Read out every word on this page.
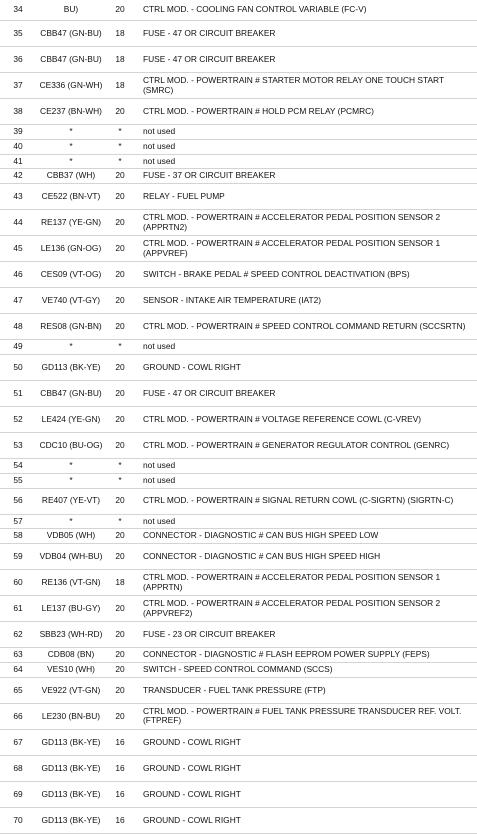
34	BU)	20	CTRL MOD. - COOLING FAN CONTROL VARIABLE (FC-V)
35	CBB47 (GN-BU)	18	FUSE - 47 OR CIRCUIT BREAKER
36	CBB47 (GN-BU)	18	FUSE - 47 OR CIRCUIT BREAKER
37	CE336 (GN-WH)	18	CTRL MOD. - POWERTRAIN # STARTER MOTOR RELAY ONE TOUCH START (SMRC)
38	CE237 (BN-WH)	20	CTRL MOD. - POWERTRAIN # HOLD PCM RELAY (PCMRC)
39	*	*	not used
40	*	*	not used
41	*	*	not used
42	CBB37 (WH)	20	FUSE - 37 OR CIRCUIT BREAKER
43	CE522 (BN-VT)	20	RELAY - FUEL PUMP
44	RE137 (YE-GN)	20	CTRL MOD. - POWERTRAIN # ACCELERATOR PEDAL POSITION SENSOR 2 (APPRTN2)
45	LE136 (GN-OG)	20	CTRL MOD. - POWERTRAIN # ACCELERATOR PEDAL POSITION SENSOR 1 (APPVREF)
46	CES09 (VT-OG)	20	SWITCH - BRAKE PEDAL # SPEED CONTROL DEACTIVATION (BPS)
47	VE740 (VT-GY)	20	SENSOR - INTAKE AIR TEMPERATURE (IAT2)
48	RES08 (GN-BN)	20	CTRL MOD. - POWERTRAIN # SPEED CONTROL COMMAND RETURN (SCCSRTN)
49	*	*	not used
50	GD113 (BK-YE)	20	GROUND - COWL RIGHT
51	CBB47 (GN-BU)	20	FUSE - 47 OR CIRCUIT BREAKER
52	LE424 (YE-GN)	20	CTRL MOD. - POWERTRAIN # VOLTAGE REFERENCE COWL (C-VREV)
53	CDC10 (BU-OG)	20	CTRL MOD. - POWERTRAIN # GENERATOR REGULATOR CONTROL (GENRC)
54	*	*	not used
55	*	*	not used
56	RE407 (YE-VT)	20	CTRL MOD. - POWERTRAIN # SIGNAL RETURN COWL (C-SIGRTN) (SIGRTN-C)
57	*	*	not used
58	VDB05 (WH)	20	CONNECTOR - DIAGNOSTIC # CAN BUS HIGH SPEED LOW
59	VDB04 (WH-BU)	20	CONNECTOR - DIAGNOSTIC # CAN BUS HIGH SPEED HIGH
60	RE136 (VT-GN)	18	CTRL MOD. - POWERTRAIN # ACCELERATOR PEDAL POSITION SENSOR 1 (APPRTN)
61	LE137 (BU-GY)	20	CTRL MOD. - POWERTRAIN # ACCELERATOR PEDAL POSITION SENSOR 2 (APPVREF2)
62	SBB23 (WH-RD)	20	FUSE - 23 OR CIRCUIT BREAKER
63	CDB08 (BN)	20	CONNECTOR - DIAGNOSTIC # FLASH EEPROM POWER SUPPLY (FEPS)
64	VES10 (WH)	20	SWITCH - SPEED CONTROL COMMAND (SCCS)
65	VE922 (VT-GN)	20	TRANSDUCER - FUEL TANK PRESSURE (FTP)
66	LE230 (BN-BU)	20	CTRL MOD. - POWERTRAIN # FUEL TANK PRESSURE TRANSDUCER REF. VOLT. (FTPREF)
67	GD113 (BK-YE)	16	GROUND - COWL RIGHT
68	GD113 (BK-YE)	16	GROUND - COWL RIGHT
69	GD113 (BK-YE)	16	GROUND - COWL RIGHT
70	GD113 (BK-YE)	16	GROUND - COWL RIGHT
